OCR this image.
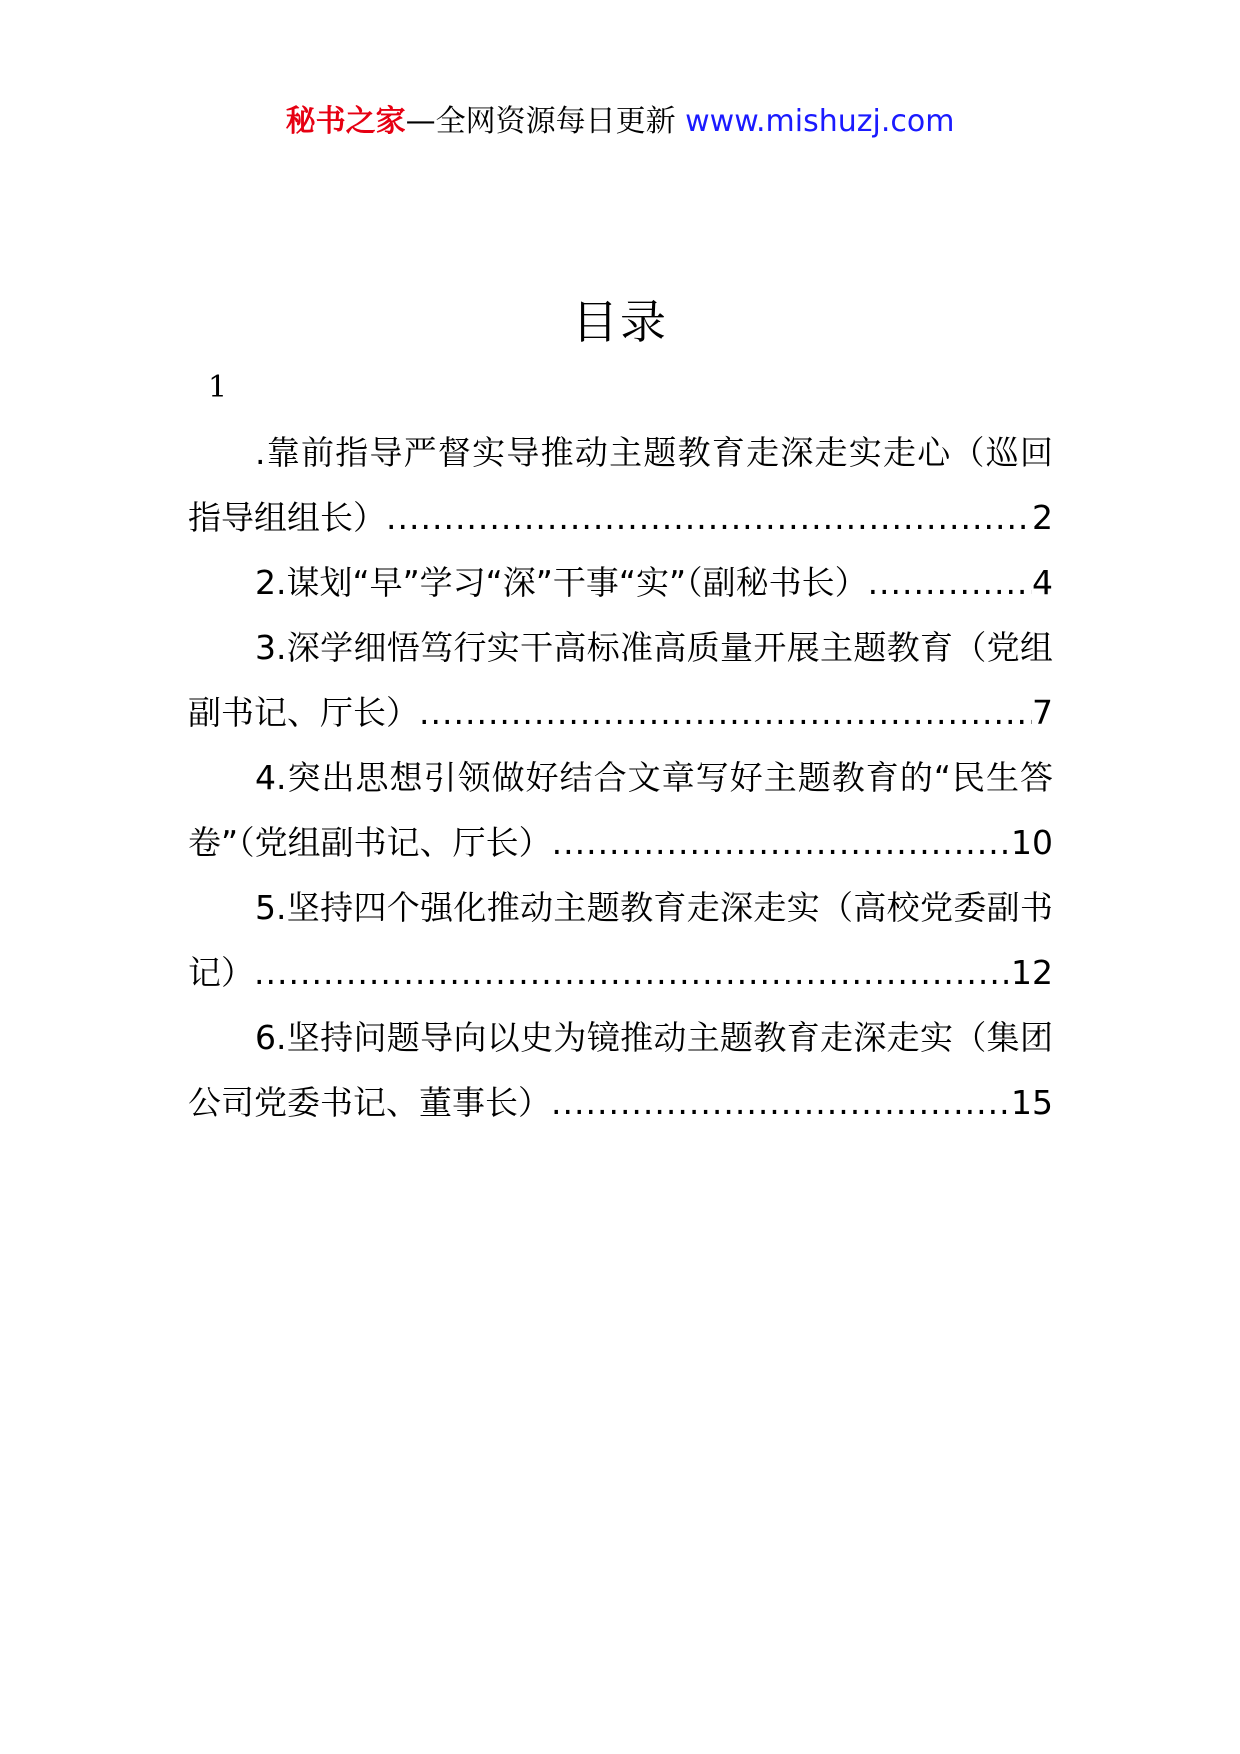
秘书之家—全网资源每日更新 www.mishuzj.com
目录
1
.靠前指导严督实导推动主题教育走深走实走心（巡回
指导组组长） .....	2
2.谋划“早”学习“深”干事“实”（副秘书长） .....	4
3.深学细悟笃行实干高标准高质量开展主题教育（党组
副书记、厅长） .....	7
4.突出思想引领做好结合文章写好主题教育的“民生答
卷”（党组副书记、厅长） .....	10
5.坚持四个强化推动主题教育走深走实（高校党委副书
记） .....	12
6.坚持问题导向以史为镜推动主题教育走深走实（集团
公司党委书记、董事长） .....	15
